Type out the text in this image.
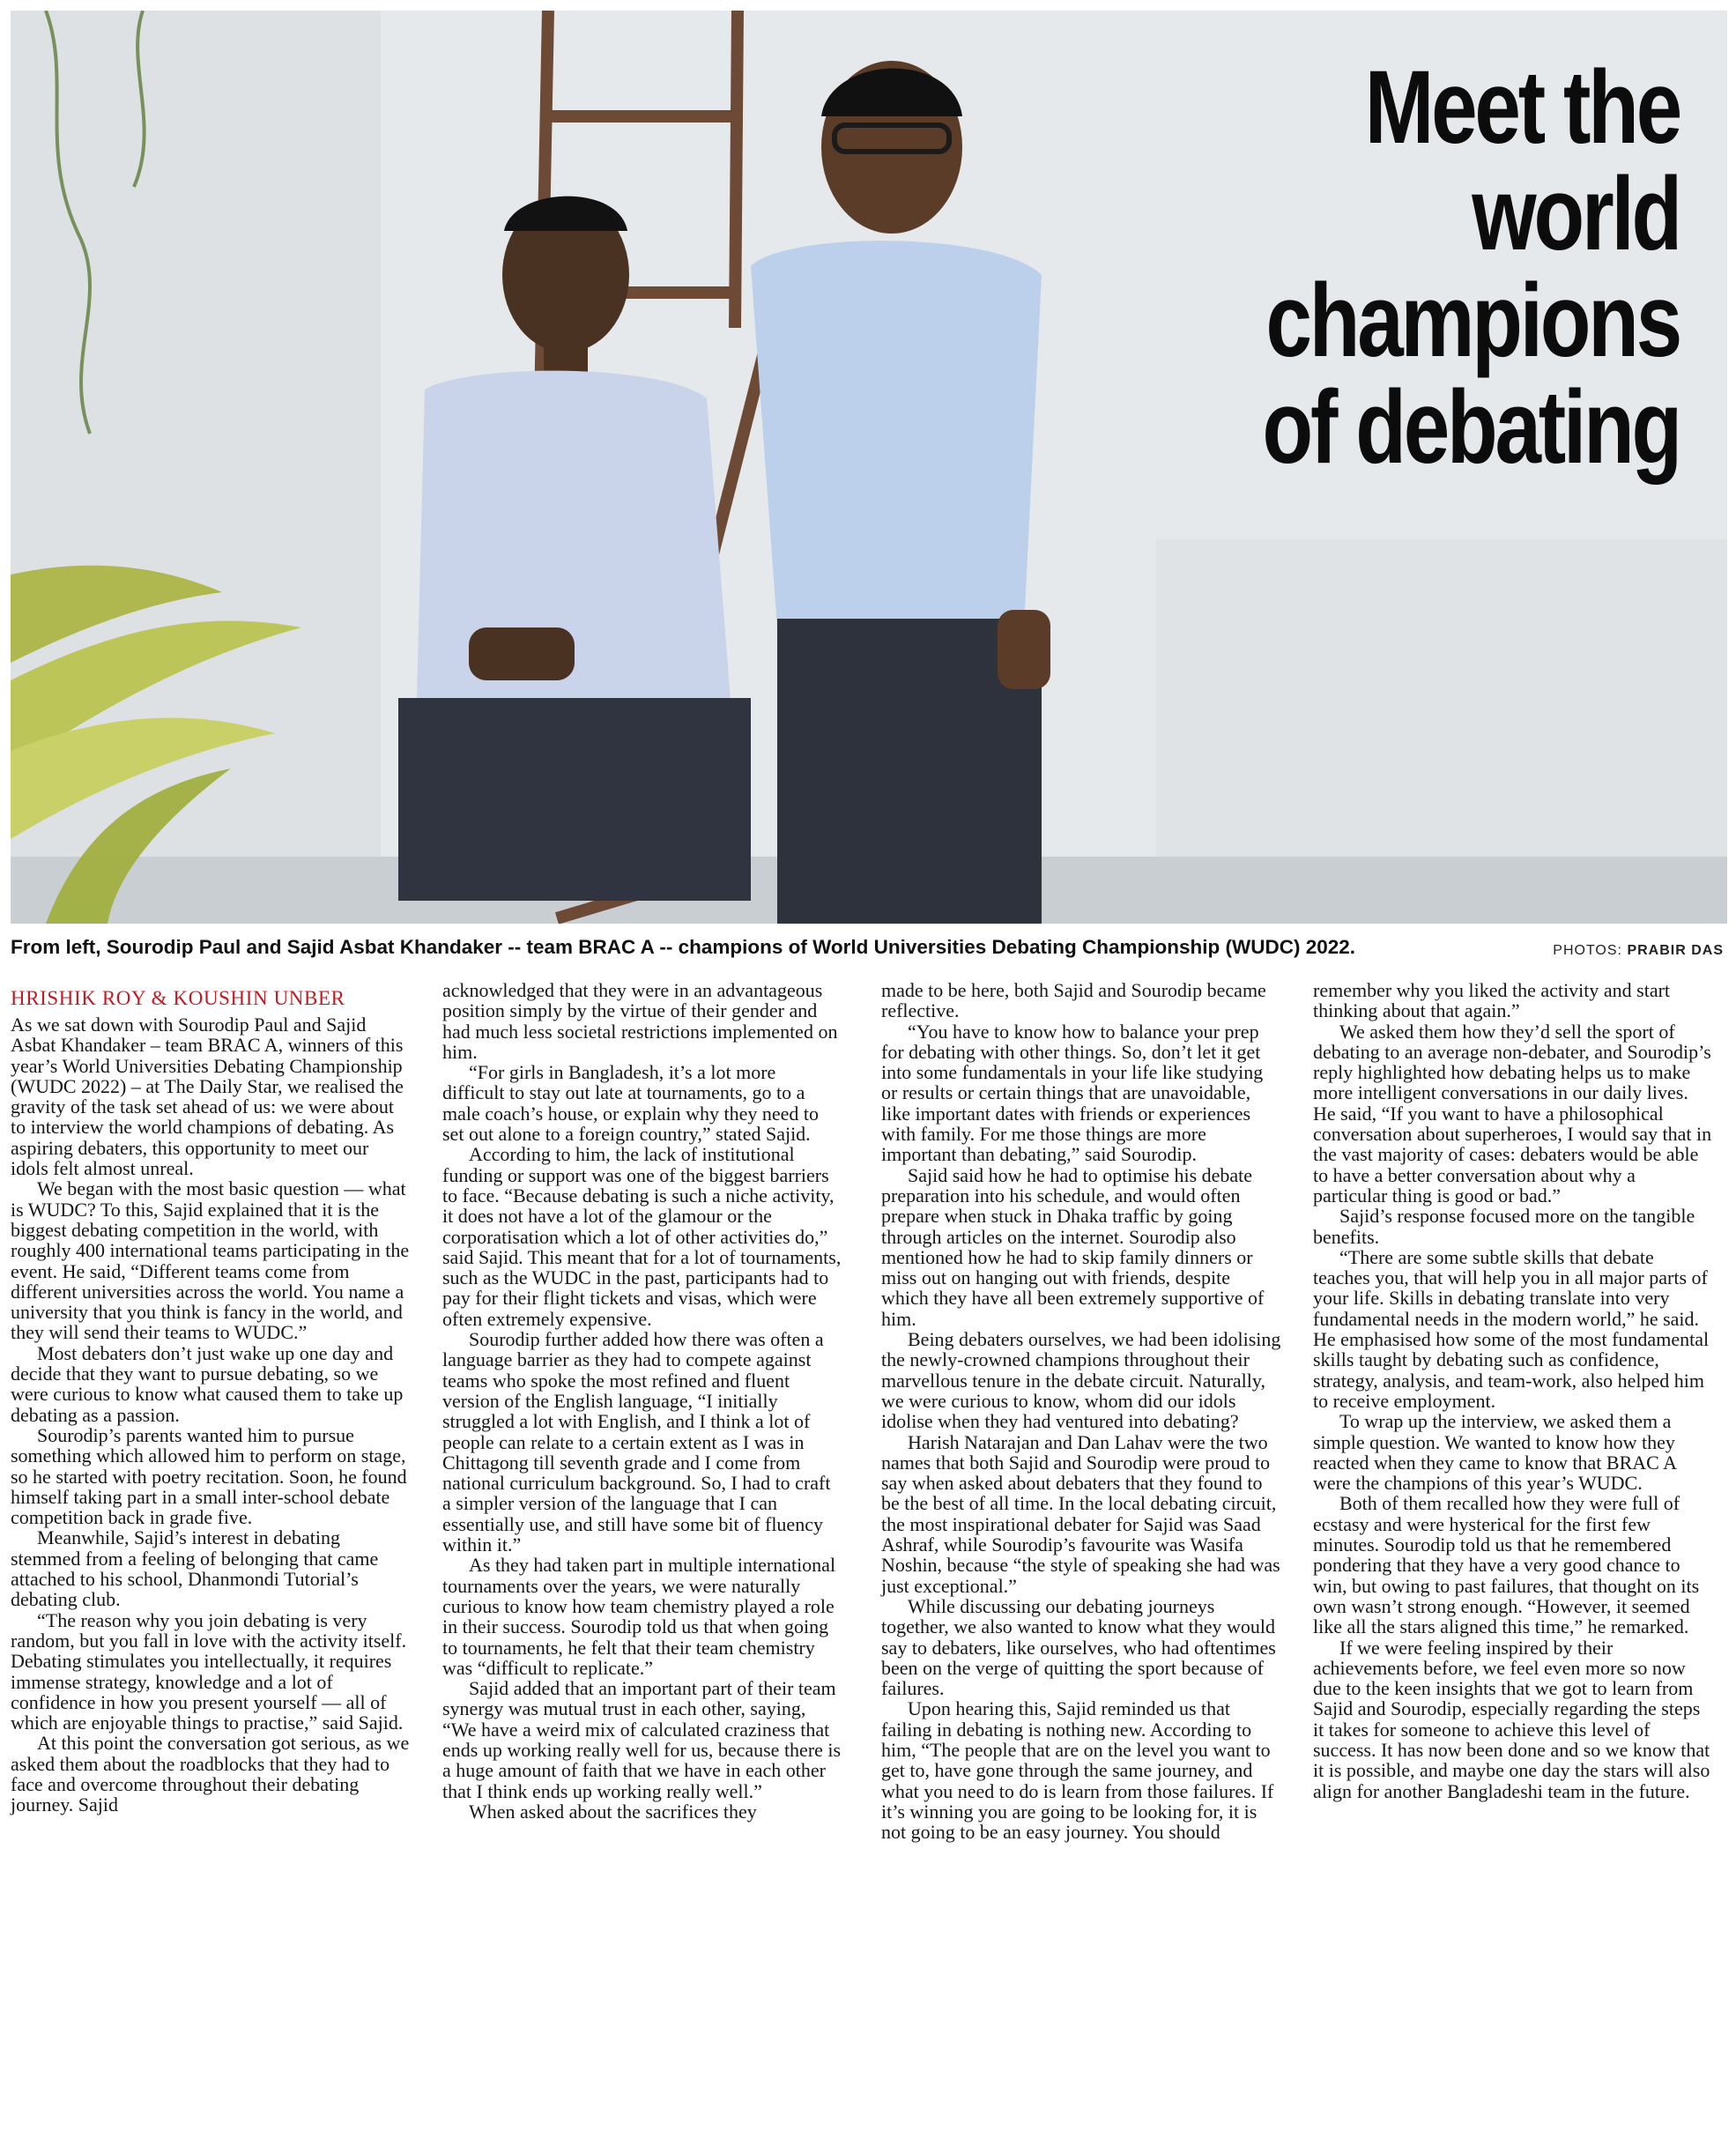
Meet the
world
champions
of debating
From left, Sourodip Paul and Sajid Asbat Khandaker -- team BRAC A -- champions of World Universities Debating Championship (WUDC) 2022.	PHOTOS: PRABIR DAS
HRISHIK ROY & KOUSHIN UNBER

As we sat down with Sourodip Paul and Sajid Asbat Khandaker – team BRAC A, winners of this year’s World Universities Debating Championship (WUDC 2022) – at The Daily Star, we realised the gravity of the task set ahead of us: we were about to interview the world champions of debating. As aspiring debaters, this opportunity to meet our idols felt almost unreal.

We began with the most basic question — what is WUDC? To this, Sajid explained that it is the biggest debating competition in the world, with roughly 400 international teams participating in the event. He said, “Different teams come from different universities across the world. You name a university that you think is fancy in the world, and they will send their teams to WUDC.”

Most debaters don’t just wake up one day and decide that they want to pursue debating, so we were curious to know what caused them to take up debating as a passion.

Sourodip’s parents wanted him to pursue something which allowed him to perform on stage, so he started with poetry recitation. Soon, he found himself taking part in a small inter-school debate competition back in grade five.

Meanwhile, Sajid’s interest in debating stemmed from a feeling of belonging that came attached to his school, Dhanmondi Tutorial’s debating club.

“The reason why you join debating is very random, but you fall in love with the activity itself. Debating stimulates you intellectually, it requires immense strategy, knowledge and a lot of confidence in how you present yourself — all of which are enjoyable things to practise,” said Sajid.

At this point the conversation got serious, as we asked them about the roadblocks that they had to face and overcome throughout their debating journey. Sajid

acknowledged that they were in an advantageous position simply by the virtue of their gender and had much less societal restrictions implemented on him.

“For girls in Bangladesh, it’s a lot more difficult to stay out late at tournaments, go to a male coach’s house, or explain why they need to set out alone to a foreign country,” stated Sajid.

According to him, the lack of institutional funding or support was one of the biggest barriers to face. “Because debating is such a niche activity, it does not have a lot of the glamour or the corporatisation which a lot of other activities do,” said Sajid. This meant that for a lot of tournaments, such as the WUDC in the past, participants had to pay for their flight tickets and visas, which were often extremely expensive.

Sourodip further added how there was often a language barrier as they had to compete against teams who spoke the most refined and fluent version of the English language, “I initially struggled a lot with English, and I think a lot of people can relate to a certain extent as I was in Chittagong till seventh grade and I come from national curriculum background. So, I had to craft a simpler version of the language that I can essentially use, and still have some bit of fluency within it.”

As they had taken part in multiple international tournaments over the years, we were naturally curious to know how team chemistry played a role in their success. Sourodip told us that when going to tournaments, he felt that their team chemistry was “difficult to replicate.”

Sajid added that an important part of their team synergy was mutual trust in each other, saying, “We have a weird mix of calculated craziness that ends up working really well for us, because there is a huge amount of faith that we have in each other that I think ends up working really well.”

When asked about the sacrifices they

made to be here, both Sajid and Sourodip became reflective.

“You have to know how to balance your prep for debating with other things. So, don’t let it get into some fundamentals in your life like studying or results or certain things that are unavoidable, like important dates with friends or experiences with family. For me those things are more important than debating,” said Sourodip.

Sajid said how he had to optimise his debate preparation into his schedule, and would often prepare when stuck in Dhaka traffic by going through articles on the internet. Sourodip also mentioned how he had to skip family dinners or miss out on hanging out with friends, despite which they have all been extremely supportive of him.

Being debaters ourselves, we had been idolising the newly-crowned champions throughout their marvellous tenure in the debate circuit. Naturally, we were curious to know, whom did our idols idolise when they had ventured into debating?

Harish Natarajan and Dan Lahav were the two names that both Sajid and Sourodip were proud to say when asked about debaters that they found to be the best of all time. In the local debating circuit, the most inspirational debater for Sajid was Saad Ashraf, while Sourodip’s favourite was Wasifa Noshin, because “the style of speaking she had was just exceptional.”

While discussing our debating journeys together, we also wanted to know what they would say to debaters, like ourselves, who had oftentimes been on the verge of quitting the sport because of failures.

Upon hearing this, Sajid reminded us that failing in debating is nothing new. According to him, “The people that are on the level you want to get to, have gone through the same journey, and what you need to do is learn from those failures. If it’s winning you are going to be looking for, it is not going to be an easy journey. You should

remember why you liked the activity and start thinking about that again.”

We asked them how they’d sell the sport of debating to an average non-debater, and Sourodip’s reply highlighted how debating helps us to make more intelligent conversations in our daily lives. He said, “If you want to have a philosophical conversation about superheroes, I would say that in the vast majority of cases: debaters would be able to have a better conversation about why a particular thing is good or bad.”

Sajid’s response focused more on the tangible benefits.

“There are some subtle skills that debate teaches you, that will help you in all major parts of your life. Skills in debating translate into very fundamental needs in the modern world,” he said. He emphasised how some of the most fundamental skills taught by debating such as confidence, strategy, analysis, and team-work, also helped him to receive employment.

To wrap up the interview, we asked them a simple question. We wanted to know how they reacted when they came to know that BRAC A were the champions of this year’s WUDC.

Both of them recalled how they were full of ecstasy and were hysterical for the first few minutes. Sourodip told us that he remembered pondering that they have a very good chance to win, but owing to past failures, that thought on its own wasn’t strong enough. “However, it seemed like all the stars aligned this time,” he remarked.

If we were feeling inspired by their achievements before, we feel even more so now due to the keen insights that we got to learn from Sajid and Sourodip, especially regarding the steps it takes for someone to achieve this level of success. It has now been done and so we know that it is possible, and maybe one day the stars will also align for another Bangladeshi team in the future.
